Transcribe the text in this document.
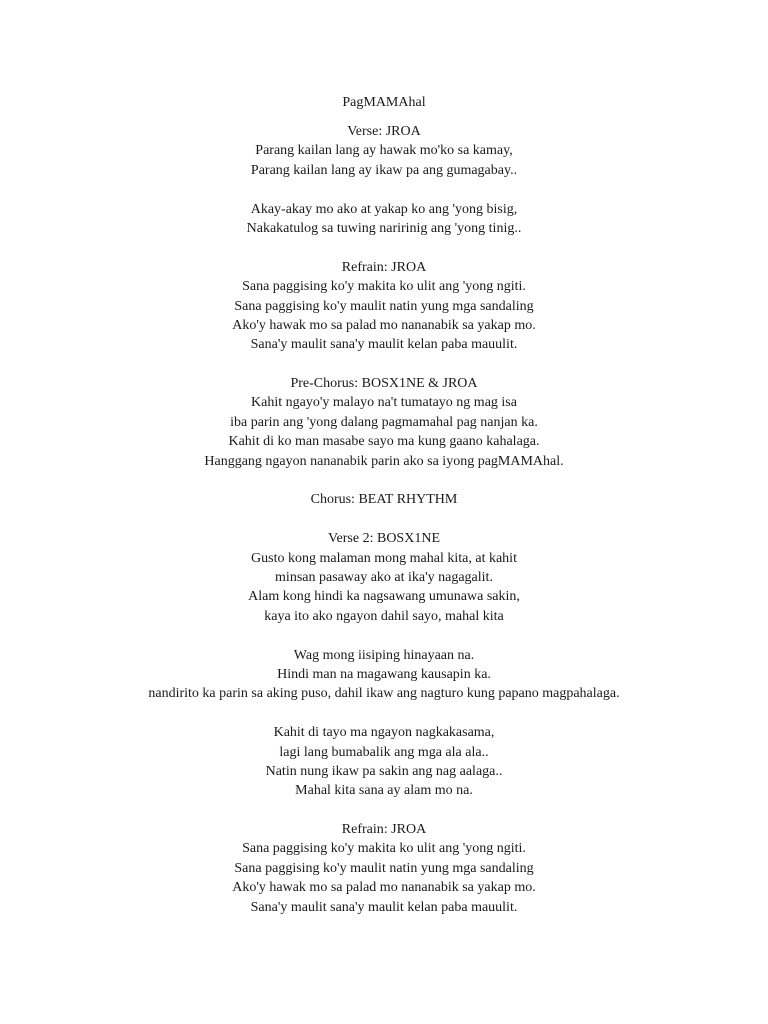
PagMAMAhal
Verse: JROA
Parang kailan lang ay hawak mo'ko sa kamay,
Parang kailan lang ay ikaw pa ang gumagabay..

Akay-akay mo ako at yakap ko ang 'yong bisig,
Nakakatulog sa tuwing naririnig ang 'yong tinig..

Refrain: JROA
Sana paggising ko'y makita ko ulit ang 'yong ngiti.
Sana paggising ko'y maulit natin yung mga sandaling
Ako'y hawak mo sa palad mo nananabik sa yakap mo.
Sana'y maulit sana'y maulit kelan paba mauulit.

Pre-Chorus: BOSX1NE & JROA
Kahit ngayo'y malayo na't tumatayo ng mag isa
iba parin ang 'yong dalang pagmamahal pag nanjan ka.
Kahit di ko man masabe sayo ma kung gaano kahalaga.
Hanggang ngayon nananabik parin ako sa iyong pagMAMAhal.

Chorus: BEAT RHYTHM

Verse 2: BOSX1NE
Gusto kong malaman mong mahal kita, at kahit
minsan pasaway ako at ika'y nagagalit.
Alam kong hindi ka nagsawang umunawa sakin,
kaya ito ako ngayon dahil sayo, mahal kita

Wag mong iisiping hinayaan na.
Hindi man na magawang kausapin ka.
nandirito ka parin sa aking puso, dahil ikaw ang nagturo kung papano magpahalaga.

Kahit di tayo ma ngayon nagkakasama,
lagi lang bumabalik ang mga ala ala..
Natin nung ikaw pa sakin ang nag aalaga..
Mahal kita sana ay alam mo na.

Refrain: JROA
Sana paggising ko'y makita ko ulit ang 'yong ngiti.
Sana paggising ko'y maulit natin yung mga sandaling
Ako'y hawak mo sa palad mo nananabik sa yakap mo.
Sana'y maulit sana'y maulit kelan paba mauulit.
